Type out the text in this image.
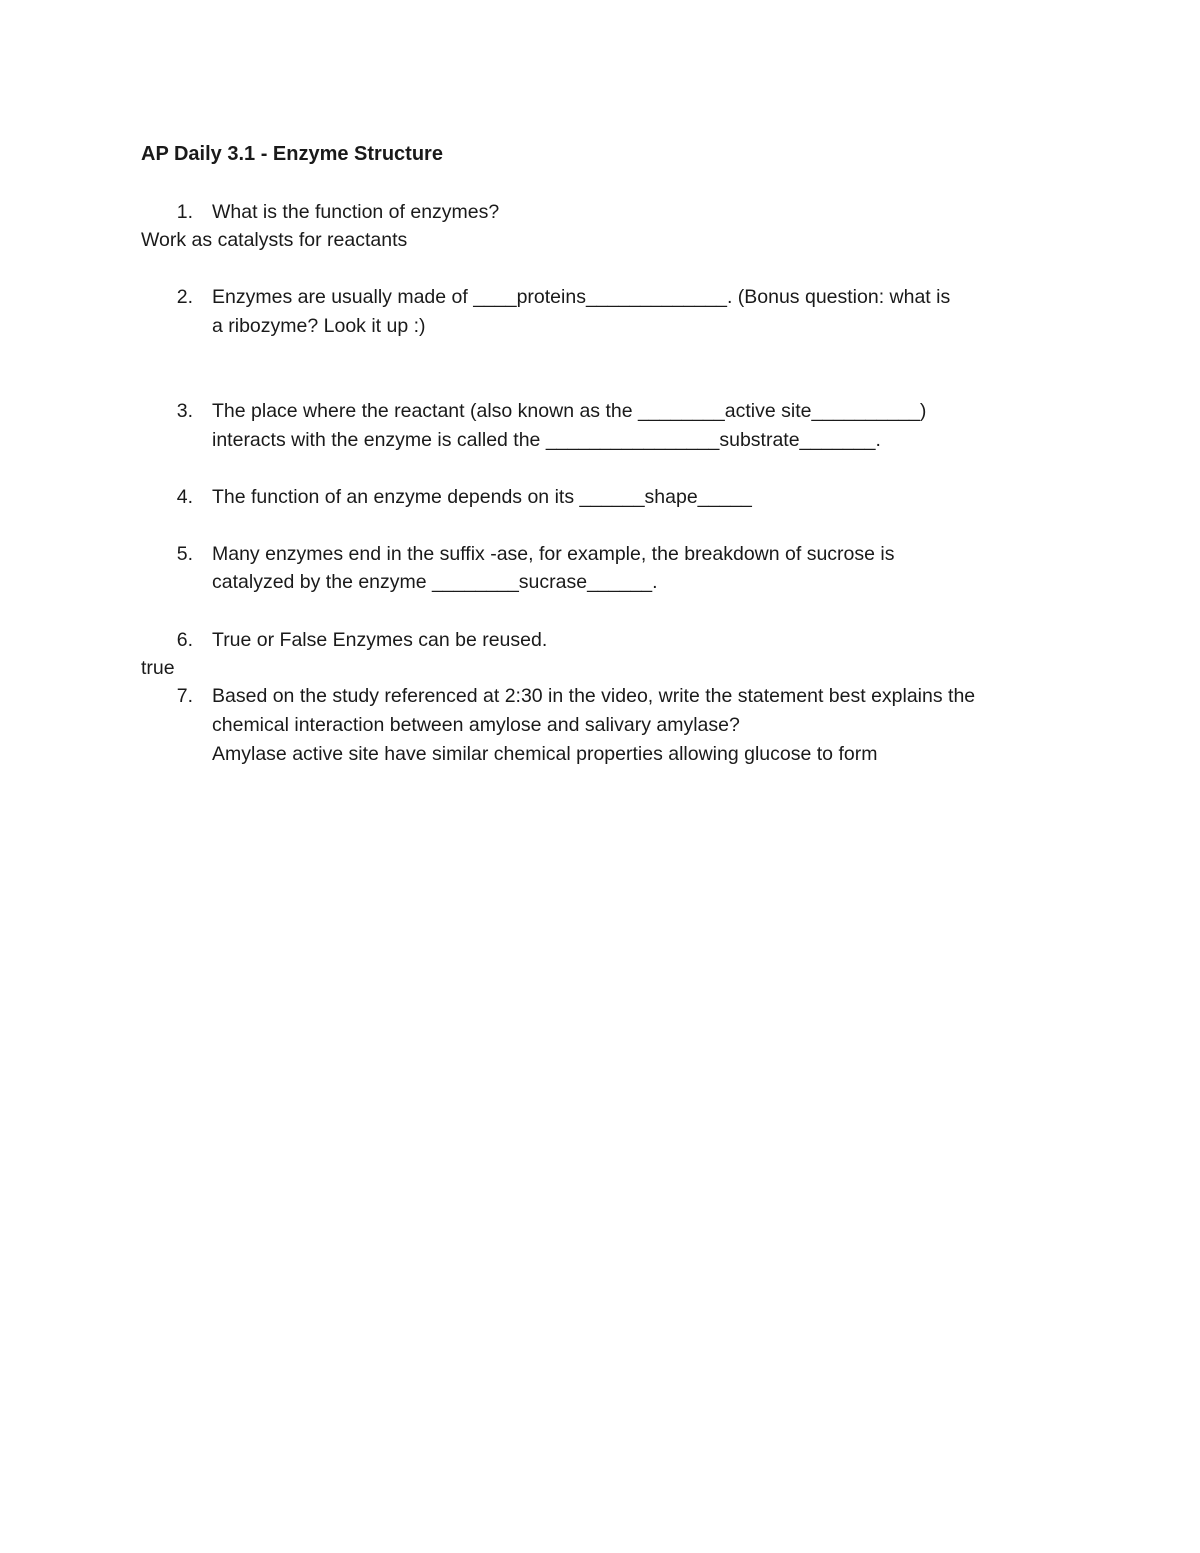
AP Daily 3.1 - Enzyme Structure
1. What is the function of enzymes?
Work as catalysts for reactants
2. Enzymes are usually made of ____proteins_____________. (Bonus question: what is
a ribozyme? Look it up :)
3. The place where the reactant (also known as the ________active site__________)
interacts with the enzyme is called the ________________substrate_______.
4. The function of an enzyme depends on its ______shape_____
5. Many enzymes end in the suffix -ase, for example, the breakdown of sucrose is
catalyzed by the enzyme ________sucrase______.
6. True or False Enzymes can be reused.
true
7. Based on the study referenced at 2:30 in the video, write the statement best explains the
chemical interaction between amylose and salivary amylase?
Amylase active site have similar chemical properties allowing glucose to form
